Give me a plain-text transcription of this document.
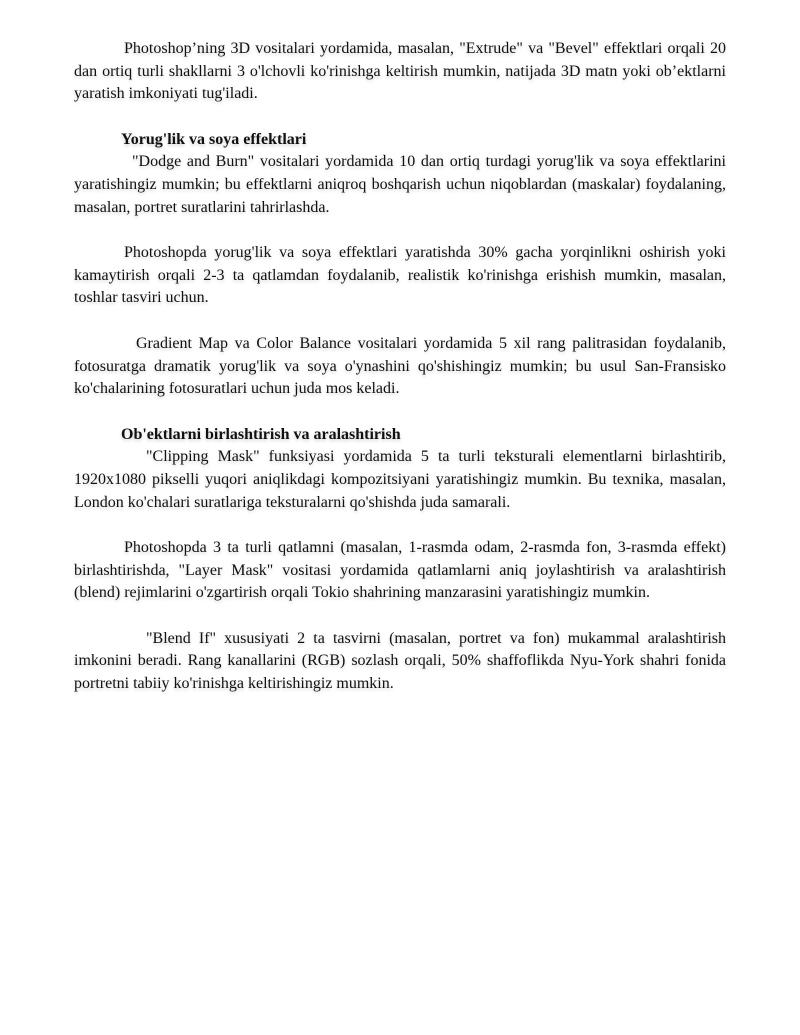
Photoshop’ning 3D vositalari yordamida, masalan, "Extrude" va "Bevel" effektlari orqali 20 dan ortiq turli shakllarni 3 o'lchovli ko'rinishga keltirish mumkin, natijada 3D matn yoki ob’ektlarni yaratish imkoniyati tug'iladi.

Yorug'lik va soya effektlari

"Dodge and Burn" vositalari yordamida 10 dan ortiq turdagi yorug'lik va soya effektlarini yaratishingiz mumkin; bu effektlarni aniqroq boshqarish uchun niqoblardan (maskalar) foydalaning, masalan, portret suratlarini tahrirlashda.

Photoshopda yorug'lik va soya effektlari yaratishda 30% gacha yorqinlikni oshirish yoki kamaytirish orqali 2-3 ta qatlamdan foydalanib, realistik ko'rinishga erishish mumkin, masalan, toshlar tasviri uchun.

Gradient Map va Color Balance vositalari yordamida 5 xil rang palitrasidan foydalanib, fotosuratga dramatik yorug'lik va soya o'ynashini qo'shishingiz mumkin; bu usul San-Fransisko ko'chalarining fotosuratlari uchun juda mos keladi.

Ob'ektlarni birlashtirish va aralashtirish

"Clipping Mask" funksiyasi yordamida 5 ta turli teksturali elementlarni birlashtirib, 1920x1080 pikselli yuqori aniqlikdagi kompozitsiyani yaratishingiz mumkin. Bu texnika, masalan, London ko'chalari suratlariga teksturalarni qo'shishda juda samarali.

Photoshopda 3 ta turli qatlamni (masalan, 1-rasmda odam, 2-rasmda fon, 3-rasmda effekt) birlashtirishda, "Layer Mask" vositasi yordamida qatlamlarni aniq joylashtirish va aralashtirish (blend) rejimlarini o'zgartirish orqali Tokio shahrining manzarasini yaratishingiz mumkin.

"Blend If" xususiyati 2 ta tasvirni (masalan, portret va fon) mukammal aralashtirish imkonini beradi. Rang kanallarini (RGB) sozlash orqali, 50% shaffoflikda Nyu-York shahri fonida portretni tabiiy ko'rinishga keltirishingiz mumkin.
